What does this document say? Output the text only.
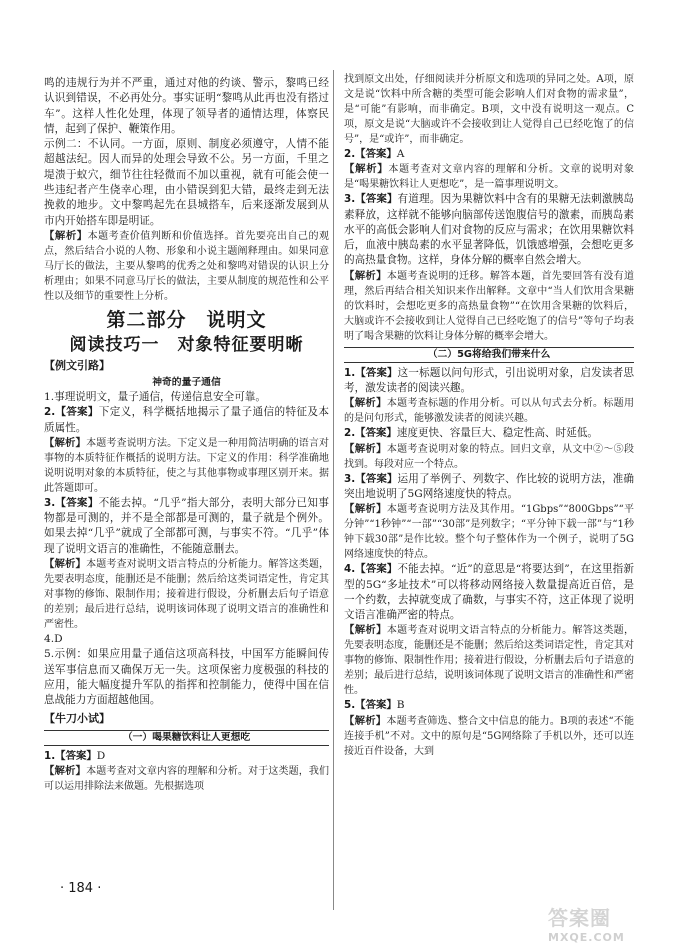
鸣的违规行为并不严重，通过对他的约谈、警示，黎鸣已经认识到错误，不必再处分。事实证明“黎鸣从此再也没有搭过车”。这样人性化处理，体现了领导者的通情达理，体察民情，起到了保护、鞭策作用。

示例二：不认同。一方面，原则、制度必须遵守，人情不能超越法纪。因人而异的处理会导致不公。另一方面，千里之堤溃于蚁穴，细节往往轻微而不加以重视，就有可能会使一些违纪者产生侥幸心理，由小错误到犯大错，最终走到无法挽救的地步。文中黎鸣起先在县城搭车，后来逐渐发展到从市内开始搭车即是明证。

【解析】本题考查价值判断和价值选择。首先要亮出自己的观点，然后结合小说的人物、形象和小说主题阐释理由。如果同意马厅长的做法，主要从黎鸣的优秀之处和黎鸣对错误的认识上分析理由；如果不同意马厅长的做法，主要从制度的规范性和公平性以及细节的重要性上分析。

第二部分　说明文
阅读技巧一　对象特征要明晰
【例文引路】
神奇的量子通信

1.事理说明文，量子通信，传递信息安全可靠。

2.【答案】下定义，科学概括地揭示了量子通信的特征及本质属性。

【解析】本题考查说明方法。下定义是一种用简洁明确的语言对事物的本质特征作概括的说明方法。下定义的作用：科学准确地说明说明对象的本质特征，使之与其他事物或事理区别开来。据此答题即可。

3.【答案】不能去掉。“几乎”指大部分，表明大部分已知事物都是可测的，并不是全部都是可测的，量子就是个例外。如果去掉“几乎”就成了全部都可测，与事实不符。“几乎”体现了说明文语言的准确性，不能随意删去。

【解析】本题考查对说明文语言特点的分析能力。解答这类题，先要表明态度，能删还是不能删；然后给这类词语定性，肯定其对事物的修饰、限制作用；接着进行假设，分析删去后句子语意的差别；最后进行总结，说明该词体现了说明文语言的准确性和严密性。

4.D

5.示例：如果应用量子通信这项高科技，中国军方能瞬间传送军事信息而又确保万无一失。这项保密力度极强的科技的应用，能大幅度提升军队的指挥和控制能力，使得中国在信息战能力方面超越他国。

【牛刀小试】
（一）喝果糖饮料让人更想吃

1.【答案】D

【解析】本题考查对文章内容的理解和分析。对于这类题，我们可以运用排除法来做题。先根据选项

找到原文出处，仔细阅读并分析原文和选项的异同之处。A项，原文是说“饮料中所含糖的类型可能会影响人们对食物的需求量”，是“可能”有影响，而非确定。B项，文中没有说明这一观点。C项，原文是说“大脑或许不会接收到让人觉得自己已经吃饱了的信号”，是“或许”，而非确定。

2.【答案】A

【解析】本题考查对文章内容的理解和分析。文章的说明对象是“喝果糖饮料让人更想吃”，是一篇事理说明文。

3.【答案】有道理。因为果糖饮料中含有的果糖无法刺激胰岛素释放，这样就不能够向脑部传送饱腹信号的激素，而胰岛素水平的高低会影响人们对食物的反应与需求；在饮用果糖饮料后，血液中胰岛素的水平显著降低，饥饿感增强，会想吃更多的高热量食物。这样，身体分解的概率自然会增大。

【解析】本题考查说明的迁移。解答本题，首先要回答有没有道理，然后再结合相关知识来作出解释。文章中“当人们饮用含果糖的饮料时，会想吃更多的高热量食物”“在饮用含果糖的饮料后，大脑或许不会接收到让人觉得自己已经吃饱了的信号”等句子均表明了喝含果糖的饮料让身体分解的概率会增大。

（二）5G将给我们带来什么

1.【答案】这一标题以问句形式，引出说明对象，启发读者思考，激发读者的阅读兴趣。

【解析】本题考查标题的作用分析。可以从句式去分析。标题用的是问句形式，能够激发读者的阅读兴趣。

2.【答案】速度更快、容量巨大、稳定性高、时延低。

【解析】本题考查说明对象的特点。回归文章，从文中②～⑤段找到。每段对应一个特点。

3.【答案】运用了举例子、列数字、作比较的说明方法，准确突出地说明了5G网络速度快的特点。

【解析】本题考查说明方法及其作用。“1Gbps”“800Gbps”“平分钟”“1秒钟”“一部”“30部”是列数字；“平分钟下载一部”与“1秒钟下载30部”是作比较。整个句子整体作为一个例子，说明了5G网络速度快的特点。

4.【答案】不能去掉。“近”的意思是“将要达到”，在这里指新型的5G“多址技术”可以将移动网络接入数量提高近百倍，是一个约数，去掉就变成了确数，与事实不符，这正体现了说明文语言准确严密的特点。

【解析】本题考查对说明文语言特点的分析能力。解答这类题，先要表明态度，能删还是不能删；然后给这类词语定性，肯定其对事物的修饰、限制性作用；接着进行假设，分析删去后句子语意的差别；最后进行总结，说明该词体现了说明文语言的准确性和严密性。

5.【答案】B

【解析】本题考查筛选、整合文中信息的能力。B项的表述“不能连接手机”不对。文中的原句是“5G网络除了手机以外，还可以连接近百件设备，大到

· 184 ·
答案圈
MXQE.COM
